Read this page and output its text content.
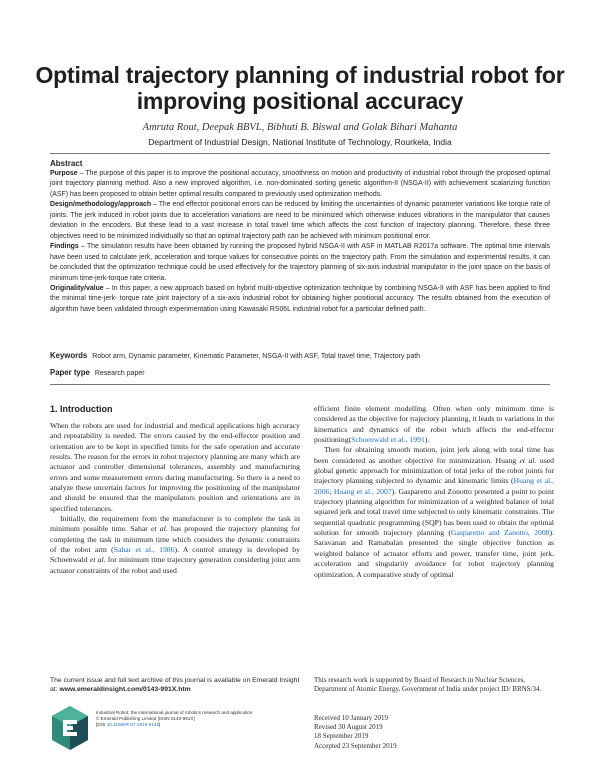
Optimal trajectory planning of industrial robot for improving positional accuracy
Amruta Rout, Deepak BBVL, Bibhuti B. Biswal and Golak Bihari Mahanta
Department of Industrial Design, National Institute of Technology, Rourkela, India
Abstract

Purpose – The purpose of this paper is to improve the positional accuracy, smoothness on motion and productivity of industrial robot through the proposed optimal joint trajectory planning method. Also a new improved algorithm, i.e. non-dominated sorting genetic algorithm-II (NSGA-II) with achievement scalarizing function (ASF) has been proposed to obtain better optimal results compared to previously used optimization methods.

Design/methodology/approach – The end effector positional errors can be reduced by limiting the uncertainties of dynamic parameter variations like torque rate of joints. The jerk induced in robot joints due to acceleration variations are need to be minimized which otherwise induces vibrations in the manipulator that causes deviation in the encoders. But these lead to a vast increase in total travel time which affects the cost function of trajectory planning. Therefore, these three objectives need to be minimized individually so that an optimal trajectory path can be achieved with minimum positional error.

Findings – The simulation results have been obtained by running the proposed hybrid NSGA-II with ASF in MATLAB R2017a software. The optimal time intervals have been used to calculate jerk, acceleration and torque values for consecutive points on the trajectory path. From the simulation and experimental results, it can be concluded that the optimization technique could be used effectively for the trajectory planning of six-axis industrial manipulator in the joint space on the basis of minimum time-jerk-torque rate criteria.

Originality/value – In this paper, a new approach based on hybrid multi-objective optimization technique by combining NSGA-II with ASF has been applied to find the minimal time-jerk- torque rate joint trajectory of a six-axis industrial robot for obtaining higher positional accuracy. The results obtained from the execution of algorithm have been validated through experimentation using Kawasaki RS06L industrial robot for a particular defined path.

Keywords Robot arm, Dynamic parameter, Kinematic Parameter, NSGA-II with ASF, Total travel time, Trajectory path
Paper type Research paper
1. Introduction

When the robots are used for industrial and medical applications high accuracy and repeatability is needed. The errors caused by the end-effector position and orientation are to be kept in specified limits for the safe operation and accurate results. The reason for the errors in robot trajectory planning are many which are actuator and controller dimensional tolerances, assembly and manufacturing errors and some measurement errors during manufacturing. So there is a need to analyze these uncertain factors for improving the positioning of the manipulator and should be ensured that the manipulators position and orientations are in specified tolerances.

Initially, the requirement from the manufacturer is to complete the task in minimum possible time. Sahar et al. has proposed the trajectory planning for completing the task in minimum time which considers the dynamic constraints of the robot arm (Sahar et al., 1986). A control strategy is developed by Schoenwald et al. for minimum time trajectory generation considering joint arm actuator constraints of the robot and used

efficient finite element modelling. Often when only minimum time is considered as the objective for trajectory planning, it leads to variations in the kinematics and dynamics of the robot which affects the end-effector positioning(Schoenwald et al., 1991).

Then for obtaining smooth motion, joint jerk along with total time has been considered as another objective for minimization. Huang et al. used global genetic approach for minimization of total jerks of the robot joints for trajectory planning subjected to dynamic and kinematic limits (Huang et al., 2006; Huang et al., 2007). Gasparetto and Zonotto presented a point to point trajectory planning algorithm for minimization of a weighted balance of total squared jerk and total travel time subjected to only kinematic constraints. The sequential quadratic programming (SQP) has been used to obtain the optimal solution for smooth trajectory planning (Gasparetto and Zanotto, 2008). Saravanan and Ramabalan presented the single objective function as weighted balance of actuator efforts and power, transfer time, joint jerk, acceleration and singularity avoidance for robot trajectory planning optimization. A comparative study of optimal

The current issue and full text archive of this journal is available on Emerald Insight at: www.emeraldinsight.com/0143-991X.htm
Industrial Robot: the international journal of robotics research and application
© Emerald Publishing Limited [ISSN 0143-991X]
[DOI 10.1108/IR-07-2019-0148]
This research work is supported by Board of Research in Nuclear Sciences, Department of Atomic Energy, Government of India under project ID/ BRNS/34.
Received 10 January 2019
Revised 30 August 2019
18 September 2019
Accepted 23 September 2019
